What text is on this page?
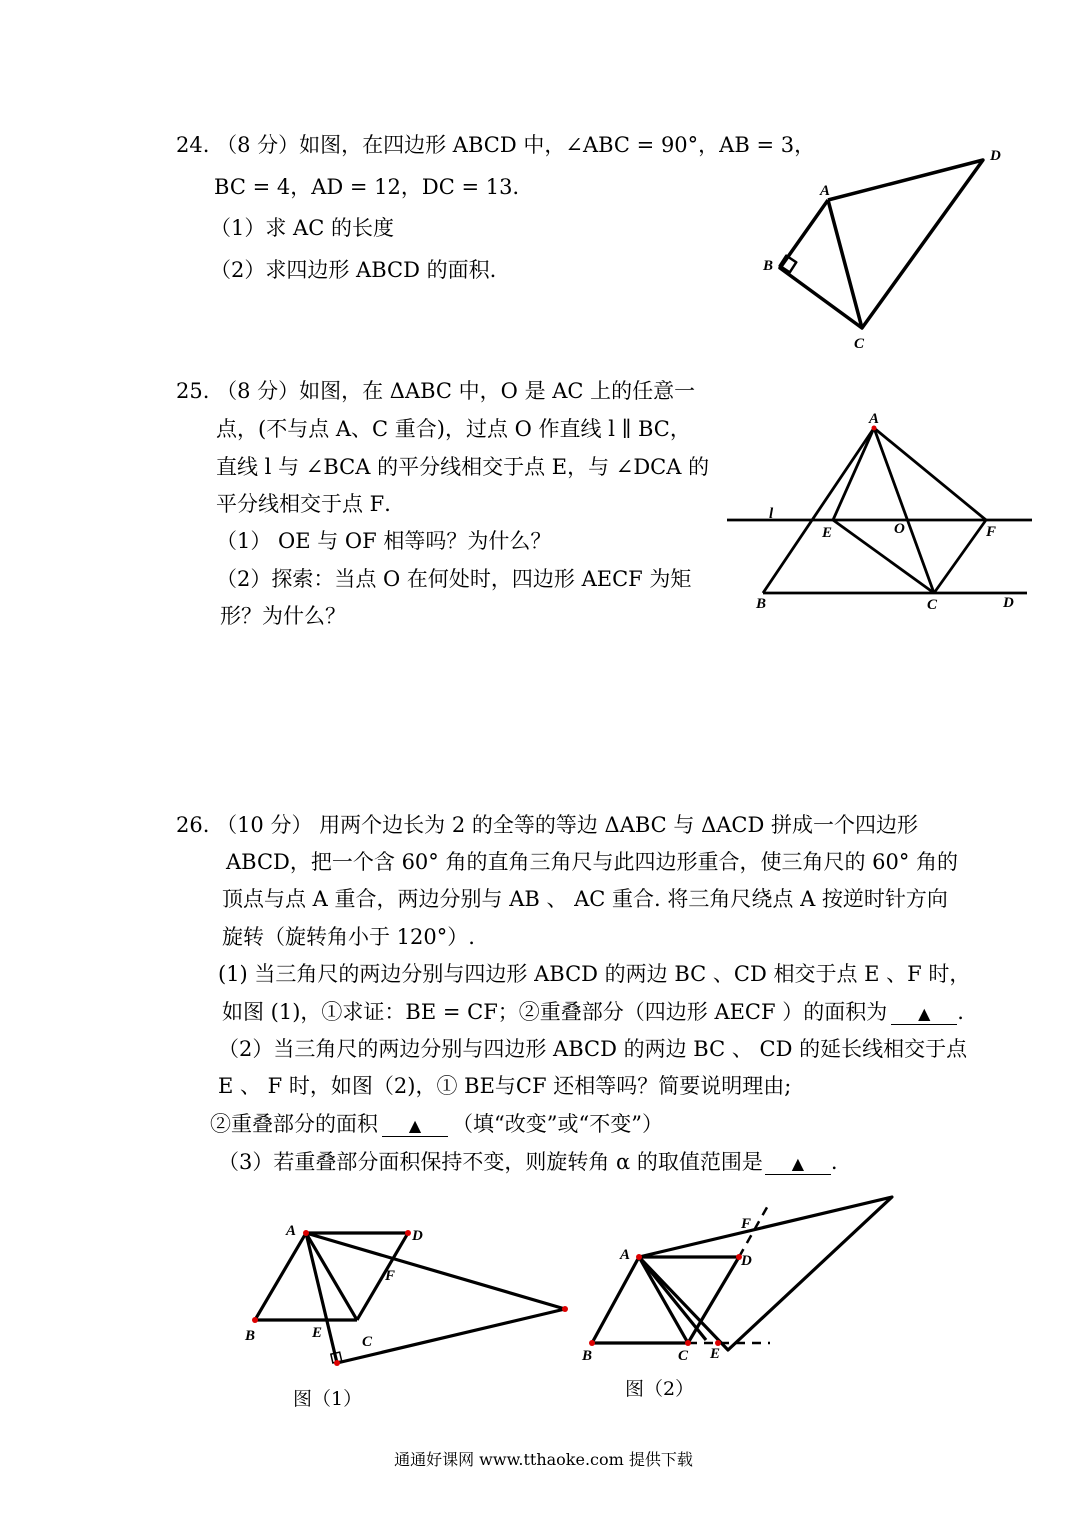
24. （8 分）如图，在四边形 ABCD 中，∠ABC = 90°，AB = 3，
BC = 4，AD = 12，DC = 13．
（1）求 AC 的长度
（2）求四边形 ABCD 的面积.
A
D
B
C
25. （8 分）如图，在 ΔABC 中，O 是 AC 上的任意一
点，(不与点 A、C 重合)，过点 O 作直线 l ∥ BC，
直线 l 与 ∠BCA 的平分线相交于点 E，与 ∠DCA 的
平分线相交于点 F．
（1） OE 与 OF 相等吗？为什么？
（2）探索：当点 O 在何处时，四边形 AECF 为矩
形？为什么？
A
l
E	O	F
B	C	D
26. （10 分） 用两个边长为 2 的全等的等边 ΔABC 与 ΔACD 拼成一个四边形
ABCD，把一个含 60° 角的直角三角尺与此四边形重合，使三角尺的 60° 角的
顶点与点 A 重合，两边分别与 AB 、 AC 重合. 将三角尺绕点 A 按逆时针方向
旋转（旋转角小于 120°）.
(1) 当三角尺的两边分别与四边形 ABCD 的两边 BC 、CD 相交于点 E 、F 时，
如图 (1)，①求证：BE = CF；②重叠部分（四边形 AECF ）的面积为 ▲ .
（2）当三角尺的两边分别与四边形 ABCD 的两边 BC 、 CD 的延长线相交于点
E 、 F 时，如图（2)，① BE与CF 还相等吗？简要说明理由;
②重叠部分的面积 ▲ （填“改变”或“不变”）
（3）若重叠部分面积保持不变，则旋转角 α 的取值范围是 ▲ .
A	D
F
B	E
C
图（1）
F
A	D
B	C E
图（2）
通通好课网 www.tthaoke.com 提供下载
